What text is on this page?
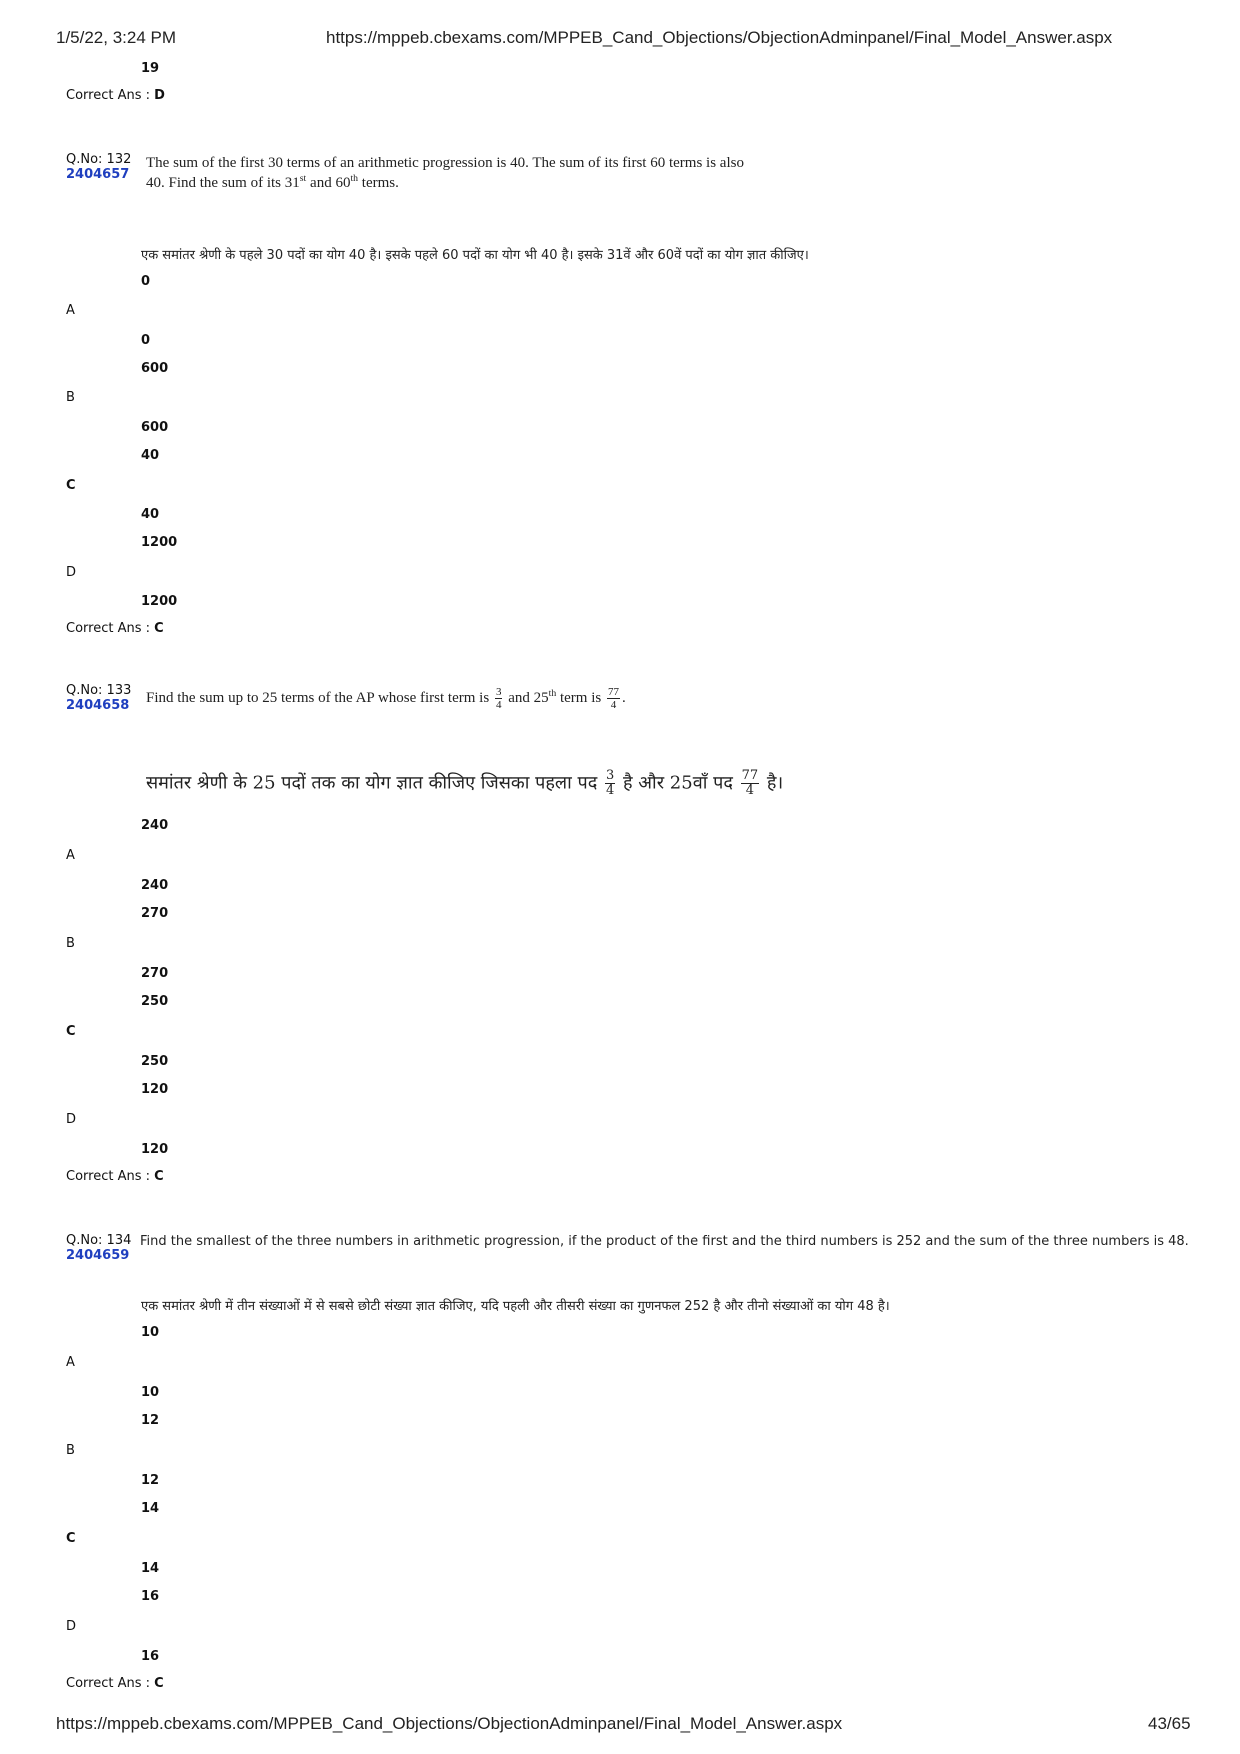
1/5/22, 3:24 PM	https://mppeb.cbexams.com/MPPEB_Cand_Objections/ObjectionAdminpanel/Final_Model_Answer.aspx
19
Correct Ans : D
Q.No: 132
2404657
The sum of the first 30 terms of an arithmetic progression is 40. The sum of its first 60 terms is also
40. Find the sum of its 31st and 60th terms.
एक समांतर श्रेणी के पहले 30 पदों का योग 40 है। इसके पहले 60 पदों का योग भी 40 है। इसके 31वें और 60वें पदों का योग ज्ञात कीजिए।
0
A
0
600
B
600
40
C
40
1200
D
1200
Correct Ans : C
Q.No: 133
2404658 Find the sum up to 25 terms of the AP whose first term is $\frac{3}{4}$ and 25th term is $\frac{77}{4}$ .
समांतर श्रेणी के 25 पदों तक का योग ज्ञात कीजिए जिसका पहला पद $\frac{3}{4}$ है और 25वाँ पद $\frac{77}{4}$ है।
240
A
240
270
B
270
250
C
250
120
D
120
Correct Ans : C
Q.No: 134
2404659
Find the smallest of the three numbers in arithmetic progression, if the product of the first and the third numbers is 252 and the sum of the three numbers is 48.
एक समांतर श्रेणी में तीन संख्याओं में से सबसे छोटी संख्या ज्ञात कीजिए, यदि पहली और तीसरी संख्या का गुणनफल 252 है और तीनो संख्याओं का योग 48 है।
10
A
10
12
B
12
14
C
14
16
D
16
Correct Ans : C
https://mppeb.cbexams.com/MPPEB_Cand_Objections/ObjectionAdminpanel/Final_Model_Answer.aspx	43/65
